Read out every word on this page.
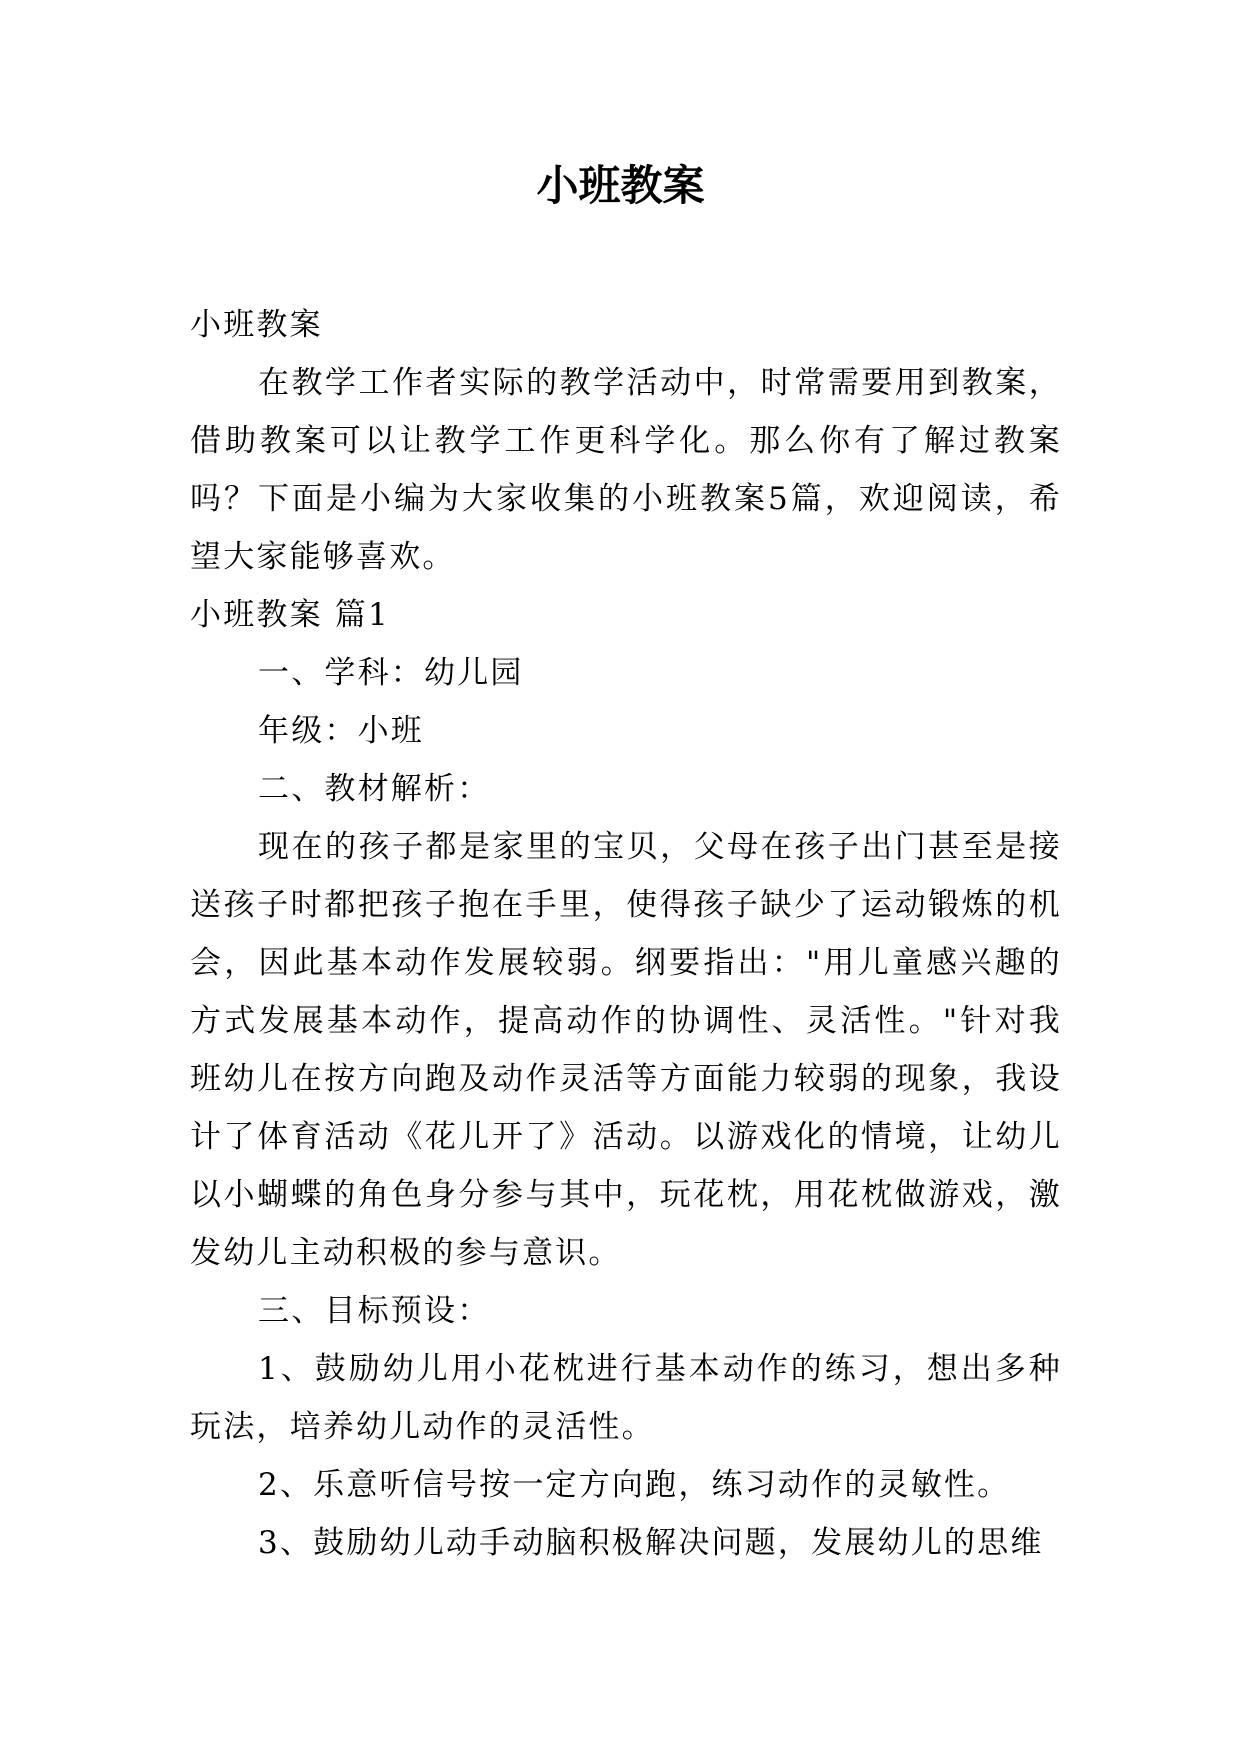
小班教案

小班教案

在教学工作者实际的教学活动中，时常需要用到教案，借助教案可以让教学工作更科学化。那么你有了解过教案吗？下面是小编为大家收集的小班教案5篇，欢迎阅读，希望大家能够喜欢。

小班教案 篇1

一、学科：幼儿园

年级：小班

二、教材解析：

现在的孩子都是家里的宝贝，父母在孩子出门甚至是接送孩子时都把孩子抱在手里，使得孩子缺少了运动锻炼的机会，因此基本动作发展较弱。纲要指出："用儿童感兴趣的方式发展基本动作，提高动作的协调性、灵活性。"针对我班幼儿在按方向跑及动作灵活等方面能力较弱的现象，我设计了体育活动《花儿开了》活动。以游戏化的情境，让幼儿以小蝴蝶的角色身分参与其中，玩花枕，用花枕做游戏，激发幼儿主动积极的参与意识。

三、目标预设：

1、鼓励幼儿用小花枕进行基本动作的练习，想出多种玩法，培养幼儿动作的灵活性。

2、乐意听信号按一定方向跑，练习动作的灵敏性。

3、鼓励幼儿动手动脑积极解决问题，发展幼儿的思维
